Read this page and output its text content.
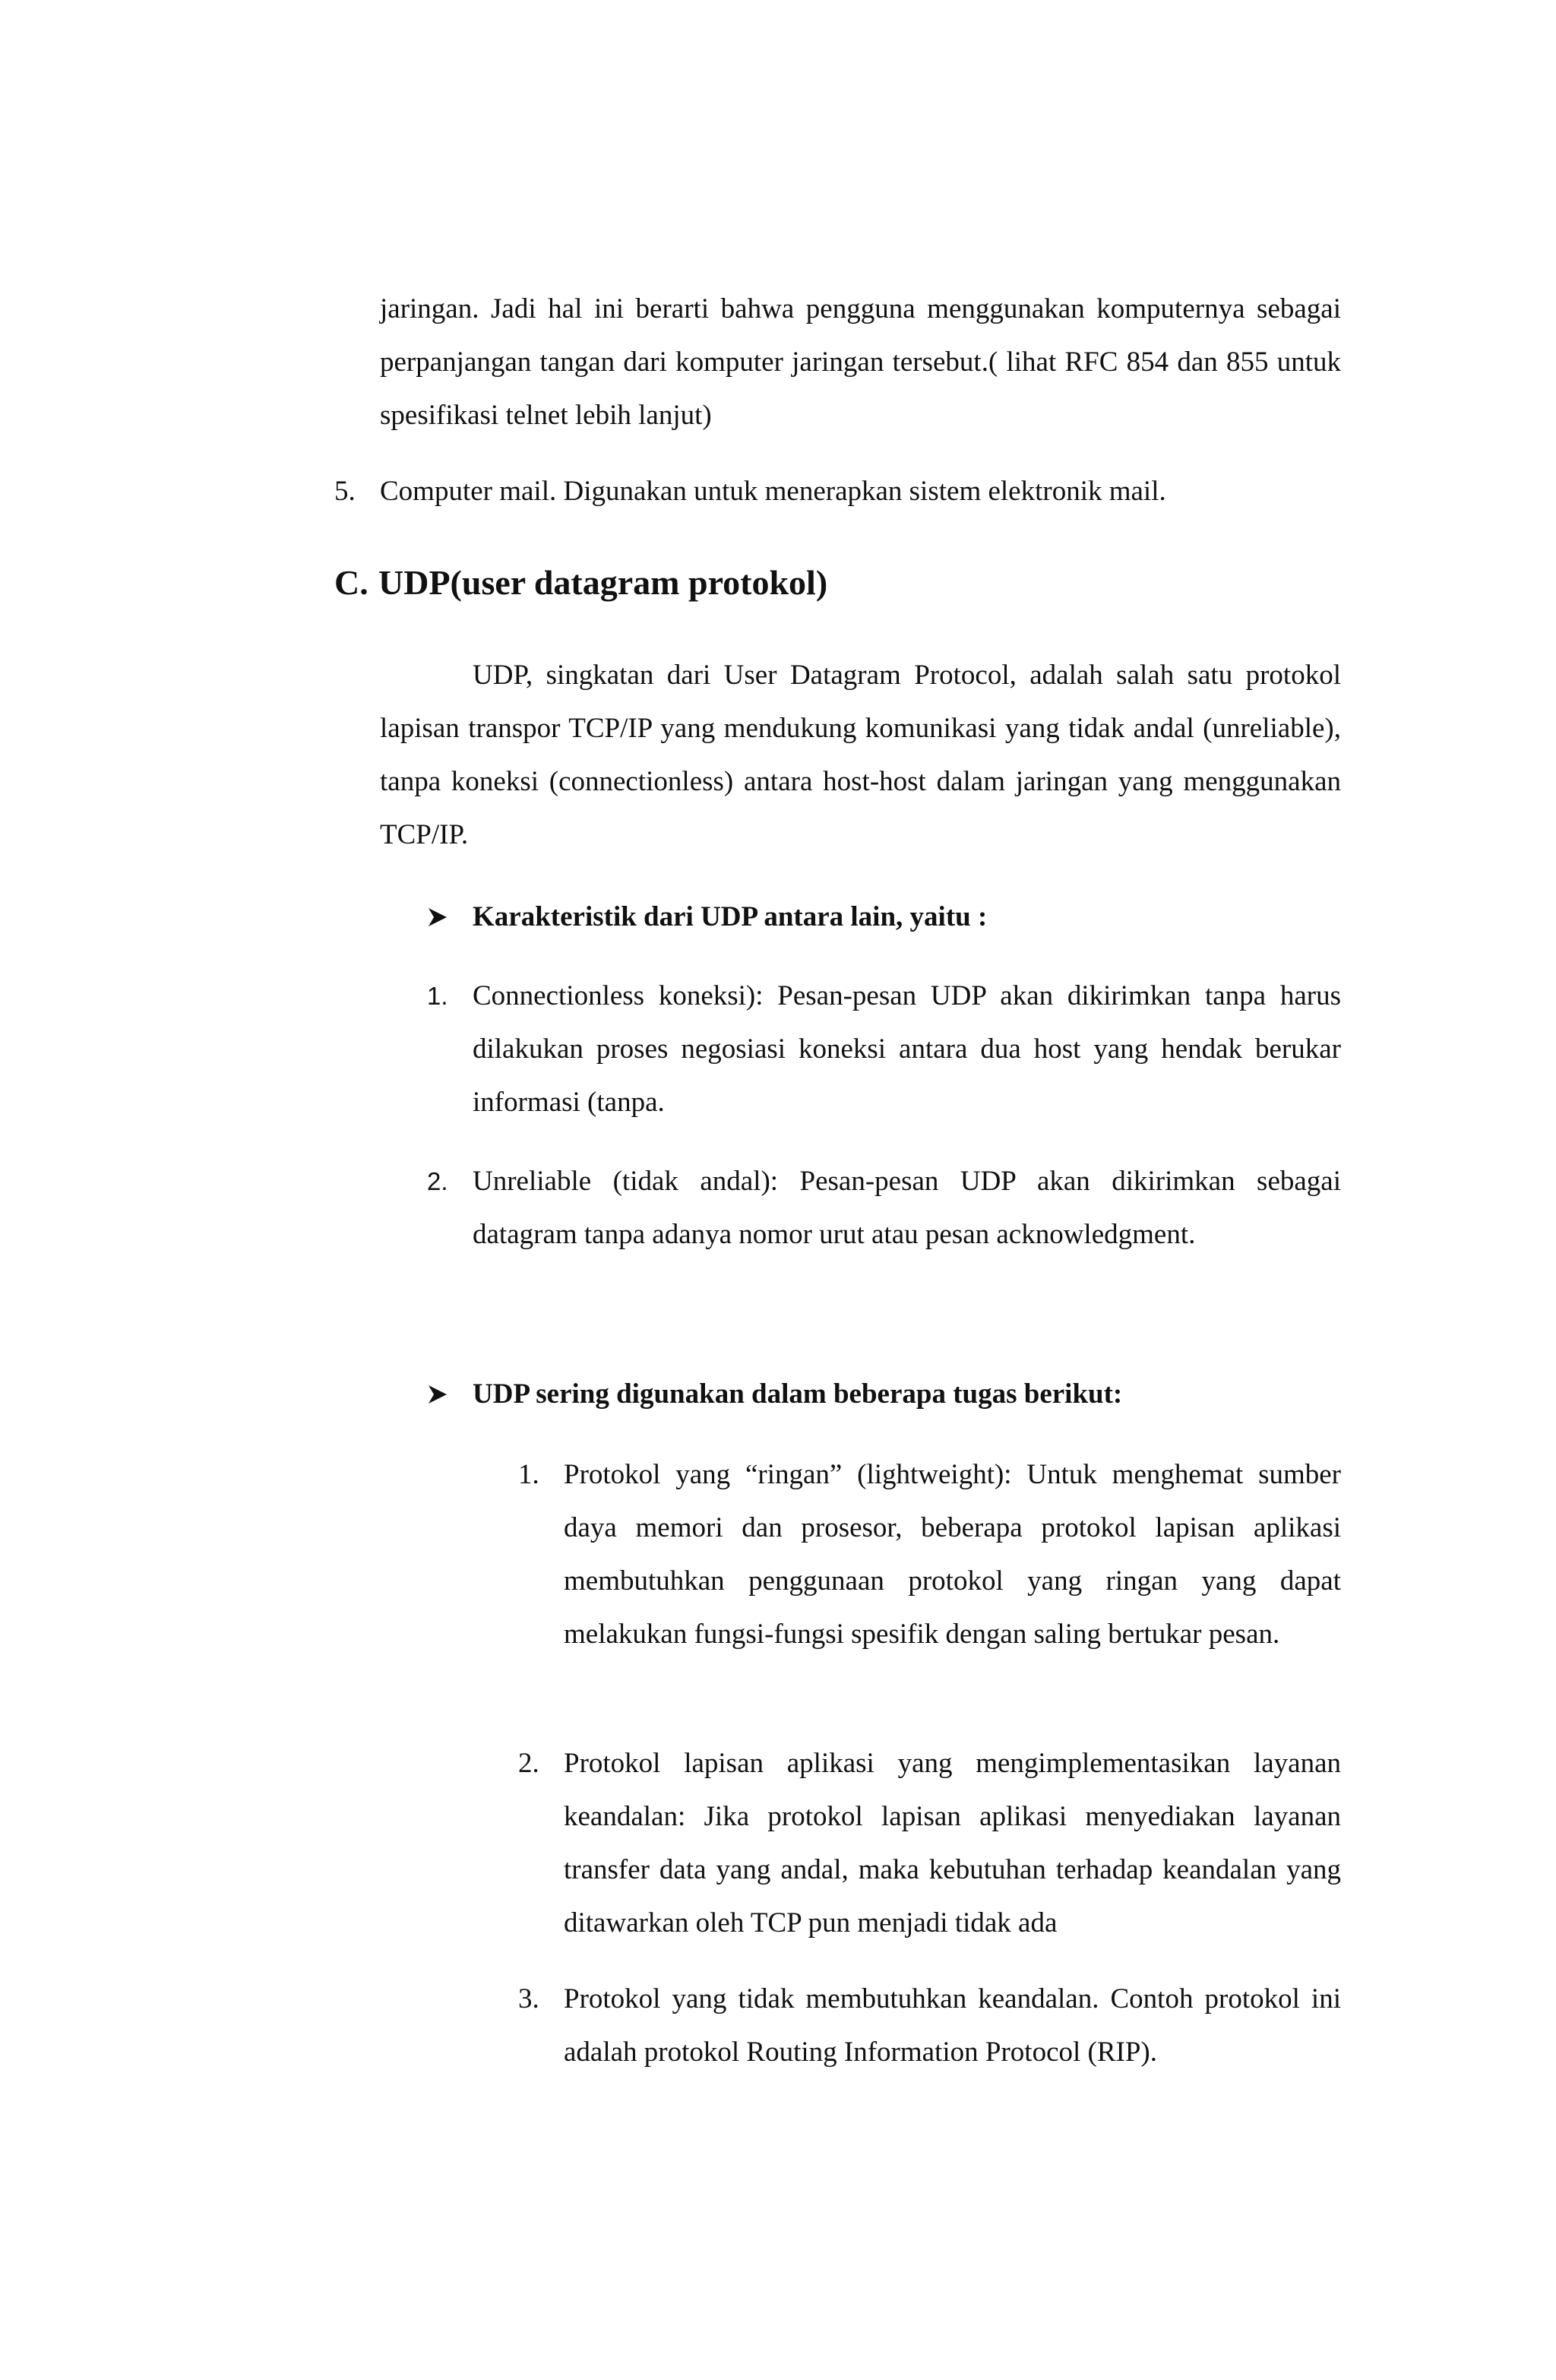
jaringan. Jadi hal ini berarti bahwa pengguna menggunakan komputernya sebagai perpanjangan tangan dari komputer jaringan tersebut.( lihat RFC 854 dan 855 untuk spesifikasi telnet lebih lanjut)
5. Computer mail. Digunakan untuk menerapkan sistem elektronik mail.
C. UDP(user datagram protokol)
UDP, singkatan dari User Datagram Protocol, adalah salah satu protokol lapisan transpor TCP/IP yang mendukung komunikasi yang tidak andal (unreliable), tanpa koneksi (connectionless) antara host-host dalam jaringan yang menggunakan TCP/IP.
Karakteristik dari UDP antara lain, yaitu :
1. Connectionless koneksi): Pesan-pesan UDP akan dikirimkan tanpa harus dilakukan proses negosiasi koneksi antara dua host yang hendak berukar informasi (tanpa.
2. Unreliable (tidak andal): Pesan-pesan UDP akan dikirimkan sebagai datagram tanpa adanya nomor urut atau pesan acknowledgment.
UDP sering digunakan dalam beberapa tugas berikut:
1. Protokol yang “ringan” (lightweight): Untuk menghemat sumber daya memori dan prosesor, beberapa protokol lapisan aplikasi membutuhkan penggunaan protokol yang ringan yang dapat melakukan fungsi-fungsi spesifik dengan saling bertukar pesan.
2. Protokol lapisan aplikasi yang mengimplementasikan layanan keandalan: Jika protokol lapisan aplikasi menyediakan layanan transfer data yang andal, maka kebutuhan terhadap keandalan yang ditawarkan oleh TCP pun menjadi tidak ada
3. Protokol yang tidak membutuhkan keandalan. Contoh protokol ini adalah protokol Routing Information Protocol (RIP).
